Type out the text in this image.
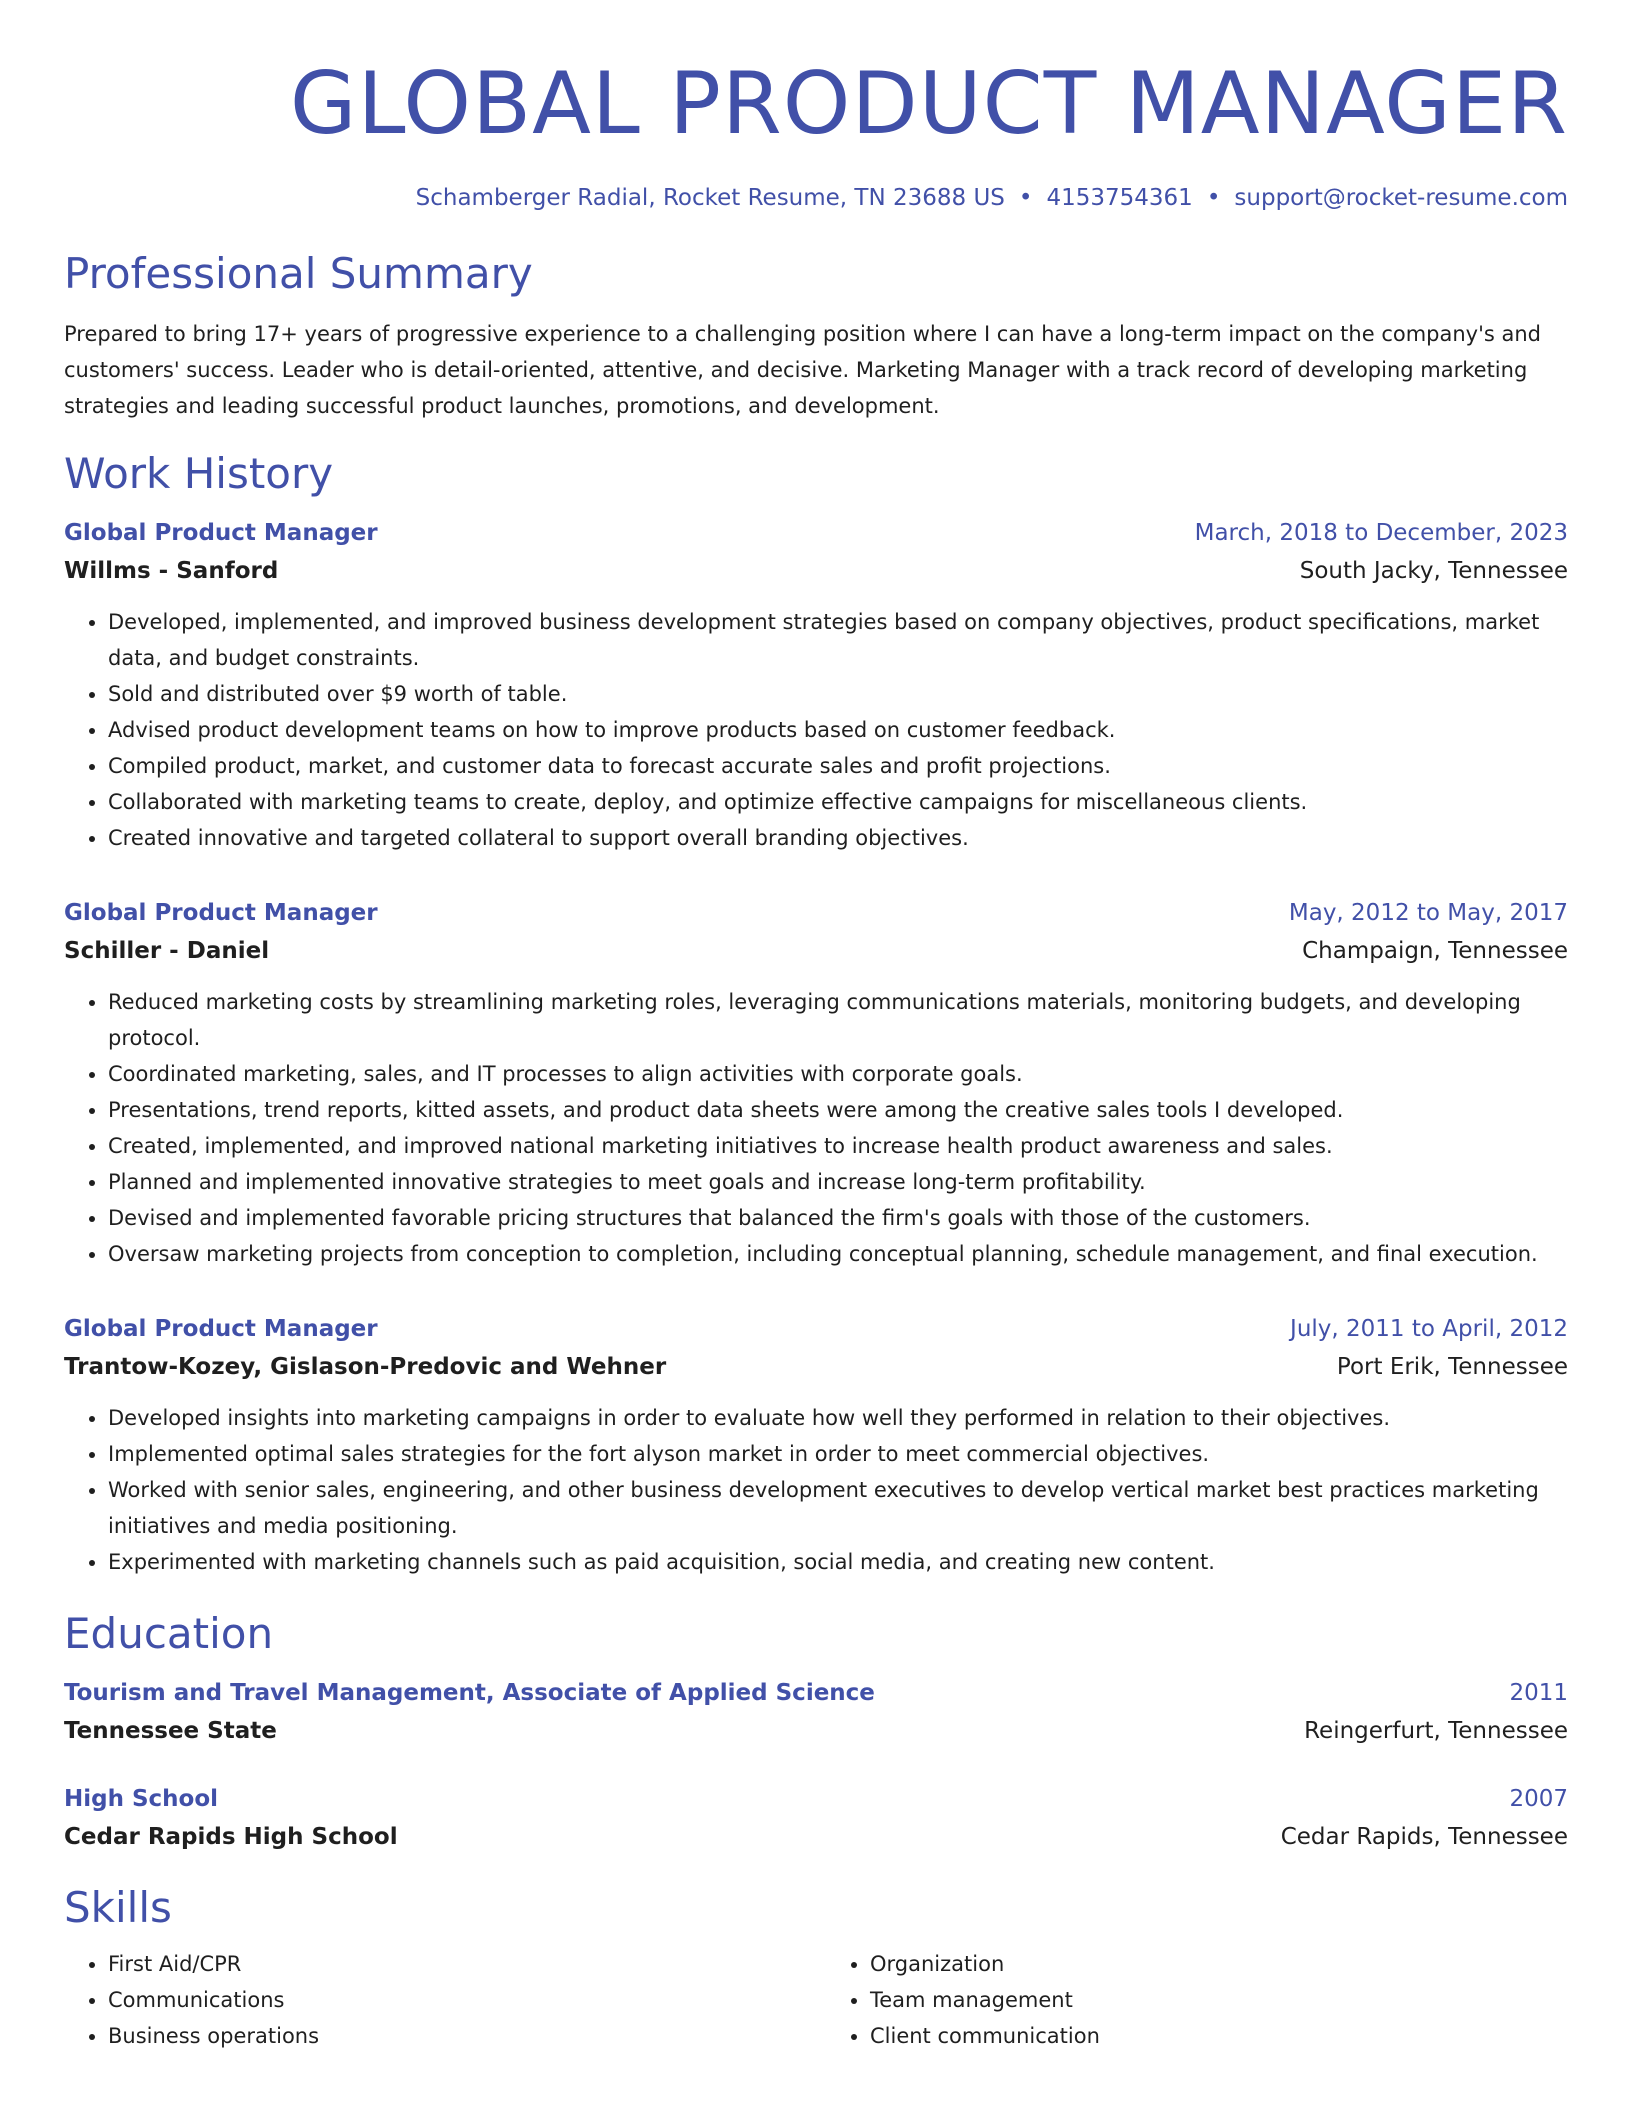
GLOBAL PRODUCT MANAGER
Schamberger Radial, Rocket Resume, TN 23688 US • 4153754361 • support@rocket-resume.com
Professional Summary
Prepared to bring 17+ years of progressive experience to a challenging position where I can have a long-term impact on the company's and customers' success. Leader who is detail-oriented, attentive, and decisive. Marketing Manager with a track record of developing marketing strategies and leading successful product launches, promotions, and development.
Work History
Global Product Manager	March, 2018 to December, 2023
Willms - Sanford	South Jacky, Tennessee
• Developed, implemented, and improved business development strategies based on company objectives, product specifications, market data, and budget constraints.
• Sold and distributed over $9 worth of table.
• Advised product development teams on how to improve products based on customer feedback.
• Compiled product, market, and customer data to forecast accurate sales and profit projections.
• Collaborated with marketing teams to create, deploy, and optimize effective campaigns for miscellaneous clients.
• Created innovative and targeted collateral to support overall branding objectives.
Global Product Manager	May, 2012 to May, 2017
Schiller - Daniel	Champaign, Tennessee
• Reduced marketing costs by streamlining marketing roles, leveraging communications materials, monitoring budgets, and developing protocol.
• Coordinated marketing, sales, and IT processes to align activities with corporate goals.
• Presentations, trend reports, kitted assets, and product data sheets were among the creative sales tools I developed.
• Created, implemented, and improved national marketing initiatives to increase health product awareness and sales.
• Planned and implemented innovative strategies to meet goals and increase long-term profitability.
• Devised and implemented favorable pricing structures that balanced the firm's goals with those of the customers.
• Oversaw marketing projects from conception to completion, including conceptual planning, schedule management, and final execution.
Global Product Manager	July, 2011 to April, 2012
Trantow-Kozey, Gislason-Predovic and Wehner	Port Erik, Tennessee
• Developed insights into marketing campaigns in order to evaluate how well they performed in relation to their objectives.
• Implemented optimal sales strategies for the fort alyson market in order to meet commercial objectives.
• Worked with senior sales, engineering, and other business development executives to develop vertical market best practices marketing initiatives and media positioning.
• Experimented with marketing channels such as paid acquisition, social media, and creating new content.
Education
Tourism and Travel Management, Associate of Applied Science	2011
Tennessee State	Reingerfurt, Tennessee
High School	2007
Cedar Rapids High School	Cedar Rapids, Tennessee
Skills
• First Aid/CPR
• Communications
• Business operations
• Organization
• Team management
• Client communication
